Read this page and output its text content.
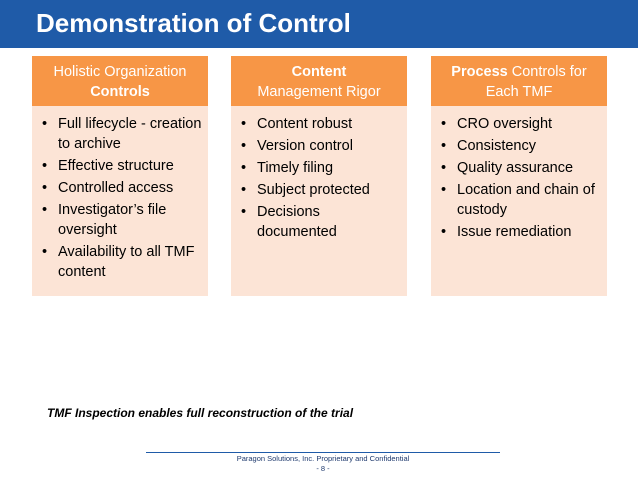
Demonstration of Control
Holistic Organization
Controls
• Full lifecycle - creation to archive
• Effective structure
• Controlled access
• Investigator’s file oversight
• Availability to all TMF content
Content
Management Rigor
• Content robust
• Version control
• Timely filing
• Subject protected
• Decisions documented
Process Controls for
Each TMF
• CRO oversight
• Consistency
• Quality assurance
• Location and chain of custody
• Issue remediation
TMF Inspection enables full reconstruction of the trial
Paragon Solutions, Inc. Proprietary and Confidential
- 8 -
